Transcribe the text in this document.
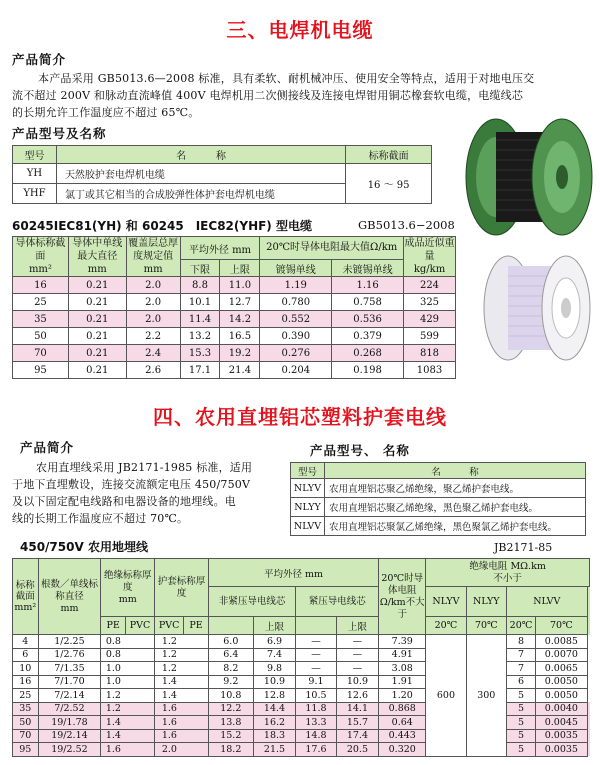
三、电焊机电缆
产品简介
本产品采用 GB5013.6—2008 标准，具有柔软、耐机械冲压、使用安全等特点，适用于对地电压交
流不超过 200V 和脉动直流峰值 400V 电焊机用二次侧接线及连接电焊钳用铜芯橡套软电缆，电缆线芯
的长期允许工作温度应不超过 65℃。
产品型号及名称
型号	名　　　称	标称截面
YH	天然胶护套电焊机电缆	16 ～ 95
YHF	氯丁或其它相当的合成胶弹性体护套电焊机电缆	
60245IEC81(YH) 和 60245　IEC82(YHF) 型电缆	GB5013.6−2008
导体标称截面
mm²	导体中单线最大直径
mm	覆盖层总厚度规定值 mm	平均外径 mm		20℃时导体电阻最大值Ω/km		成品近似重量
kg/km
			下限	上限	镀锡单线	未镀锡单线	
16	0.21	2.0	8.8	11.0	1.19	1.16	224
25	0.21	2.0	10.1	12.7	0.780	0.758	325
35	0.21	2.0	11.4	14.2	0.552	0.536	429
50	0.21	2.2	13.2	16.5	0.390	0.379	599
70	0.21	2.4	15.3	19.2	0.276	0.268	818
95	0.21	2.6	17.1	21.4	0.204	0.198	1083
四、农用直埋铝芯塑料护套电线
产品简介
农用直埋线采用 JB2171-1985 标准，适用
于地下直埋敷设，连接交流额定电压 450/750V
及以下固定配电线路和电器设备的地埋线。电
线的长期工作温度应不超过 70℃。
产品型号、 名称
型号	名　　　称
NLYV	农用直埋铝芯聚乙烯绝缘，聚乙烯护套电线。
NLYY	农用直埋铝芯聚乙烯绝缘，黑色聚乙烯护套电线。
NLVV	农用直埋铝芯聚氯乙烯绝缘，黑色聚氯乙烯护套电线。
450/750V 农用地埋线	JB2171-85
标称截面
mm²	根数／单线标称直径
mm	绝缘标称厚度
mm		护套标称厚度		平均外径 mm				20℃时导体电阻Ω/km不大于	绝缘电阻 MΩ.km
不小于				
						非紧压导电线芯		紧压导电线芯			NLYV	NLYY	NLVV		
		PE	PVC	PVC	PE		上限		上限		20℃	70℃	20℃	70℃	
4	1/2.25	0.8		1.2		6.0	6.9	—	—	7.39	600	300	8	0.0085	
6	1/2.76	0.8		1.2		6.4	7.4	—	—	4.91			7	0.0070	
10	7/1.35	1.0		1.2		8.2	9.8	—	—	3.08			7	0.0065	
16	7/1.70	1.0		1.4		9.2	10.9	9.1	10.9	1.91			6	0.0050	
25	7/2.14	1.2		1.4		10.8	12.8	10.5	12.6	1.20			5	0.0050	
35	7/2.52	1.2		1.6		12.2	14.4	11.8	14.1	0.868			5	0.0040	
50	19/1.78	1.4		1.6		13.8	16.2	13.3	15.7	0.64			5	0.0045	
70	19/2.14	1.4		1.6		15.2	18.3	14.8	17.4	0.443			5	0.0035	
95	19/2.52	1.6		2.0		18.2	21.5	17.6	20.5	0.320			5	0.0035	
